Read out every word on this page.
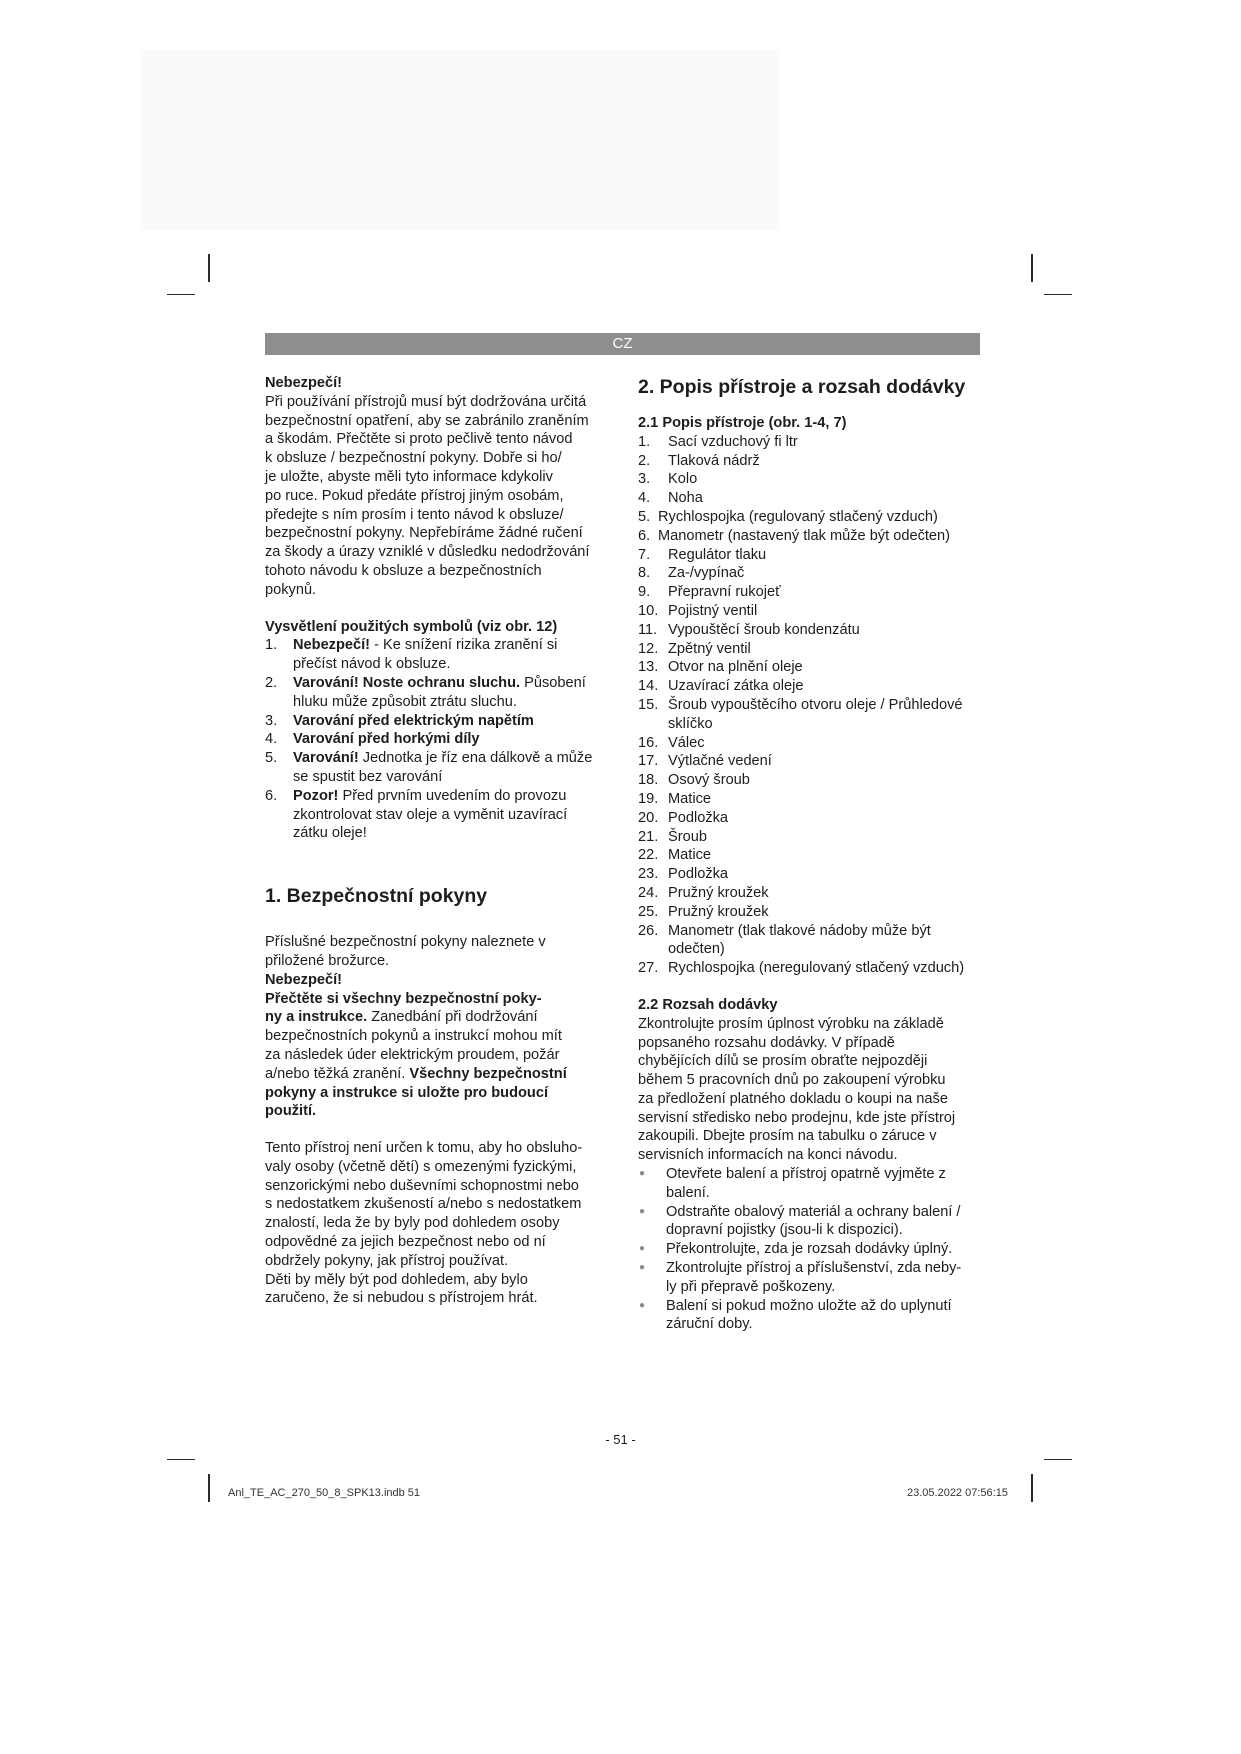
CZ

Nebezpečí!

Při používání přístrojů musí být dodržována určitá

bezpečnostní opatření, aby se zabránilo zraněním

a škodám. Přečtěte si proto pečlivě tento návod

k obsluze / bezpečnostní pokyny. Dobře si ho/

je uložte, abyste měli tyto informace kdykoliv

po ruce. Pokud předáte přístroj jiným osobám,

předejte s ním prosím i tento návod k obsluze/

bezpečnostní pokyny. Nepřebíráme žádné ručení

za škody a úrazy vzniklé v důsledku nedodržování

tohoto návodu k obsluze a bezpečnostních

pokynů.

Vysvětlení použitých symbolů (viz obr. 12)

1. Nebezpečí! - Ke snížení rizika zranění si
přečíst návod k obsluze.
2. Varování! Noste ochranu sluchu. Působení
hluku může způsobit ztrátu sluchu.
3. Varování před elektrickým napětím
4. Varování před horkými díly
5. Varování! Jednotka je říz ena dálkově a může
se spustit bez varování
6. Pozor! Před prvním uvedením do provozu
zkontrolovat stav oleje a vyměnit uzavírací
zátku oleje!
1. Bezpečnostní pokyny

Příslušné bezpečnostní pokyny naleznete v

přiložené brožurce.

Nebezpečí!

Přečtěte si všechny bezpečnostní poky-

ny a instrukce. Zanedbání při dodržování

bezpečnostních pokynů a instrukcí mohou mít

za následek úder elektrickým proudem, požár

a/nebo těžká zranění. Všechny bezpečnostní

pokyny a instrukce si uložte pro budoucí

použití.

Tento přístroj není určen k tomu, aby ho obsluho-

valy osoby (včetně dětí) s omezenými fyzickými,

senzorickými nebo duševními schopnostmi nebo

s nedostatkem zkušeností a/nebo s nedostatkem

znalostí, leda že by byly pod dohledem osoby

odpovědné za jejich bezpečnost nebo od ní

obdržely pokyny, jak přístroj používat.

Děti by měly být pod dohledem, aby bylo

zaručeno, že si nebudou s přístrojem hrát.

2. Popis přístroje a rozsah dodávky
2.1 Popis přístroje (obr. 1-4, 7)
1. Sací vzduchový fi ltr
2. Tlaková nádrž
3. Kolo
4. Noha
5. Rychlospojka (regulovaný stlačený vzduch)
6. Manometr (nastavený tlak může být odečten)
7. Regulátor tlaku
8. Za-/vypínač
9. Přepravní rukojeť
10. Pojistný ventil
11. Vypouštěcí šroub kondenzátu
12. Zpětný ventil
13. Otvor na plnění oleje
14. Uzavírací zátka oleje
15. Šroub vypouštěcího otvoru oleje / Průhledové
sklíčko
16. Válec
17. Výtlačné vedení
18. Osový šroub
19. Matice
20. Podložka
21. Šroub
22. Matice
23. Podložka
24. Pružný kroužek
25. Pružný kroužek
26. Manometr (tlak tlakové nádoby může být
odečten)
27. Rychlospojka (neregulovaný stlačený vzduch)
2.2 Rozsah dodávky

Zkontrolujte prosím úplnost výrobku na základě

popsaného rozsahu dodávky. V případě

chybějících dílů se prosím obraťte nejpozději

během 5 pracovních dnů po zakoupení výrobku

za předložení platného dokladu o koupi na naše

servisní středisko nebo prodejnu, kde jste přístroj

zakoupili. Dbejte prosím na tabulku o záruce v

servisních informacích na konci návodu.

● Otevřete balení a přístroj opatrně vyjměte z
balení.
● Odstraňte obalový materiál a ochrany balení /
dopravní pojistky (jsou-li k dispozici).
● Překontrolujte, zda je rozsah dodávky úplný.
● Zkontrolujte přístroj a příslušenství, zda neby-
ly při přepravě poškozeny.
● Balení si pokud možno uložte až do uplynutí
záruční doby.
- 51 -
Anl_TE_AC_270_50_8_SPK13.indb 51	23.05.2022 07:56:15
